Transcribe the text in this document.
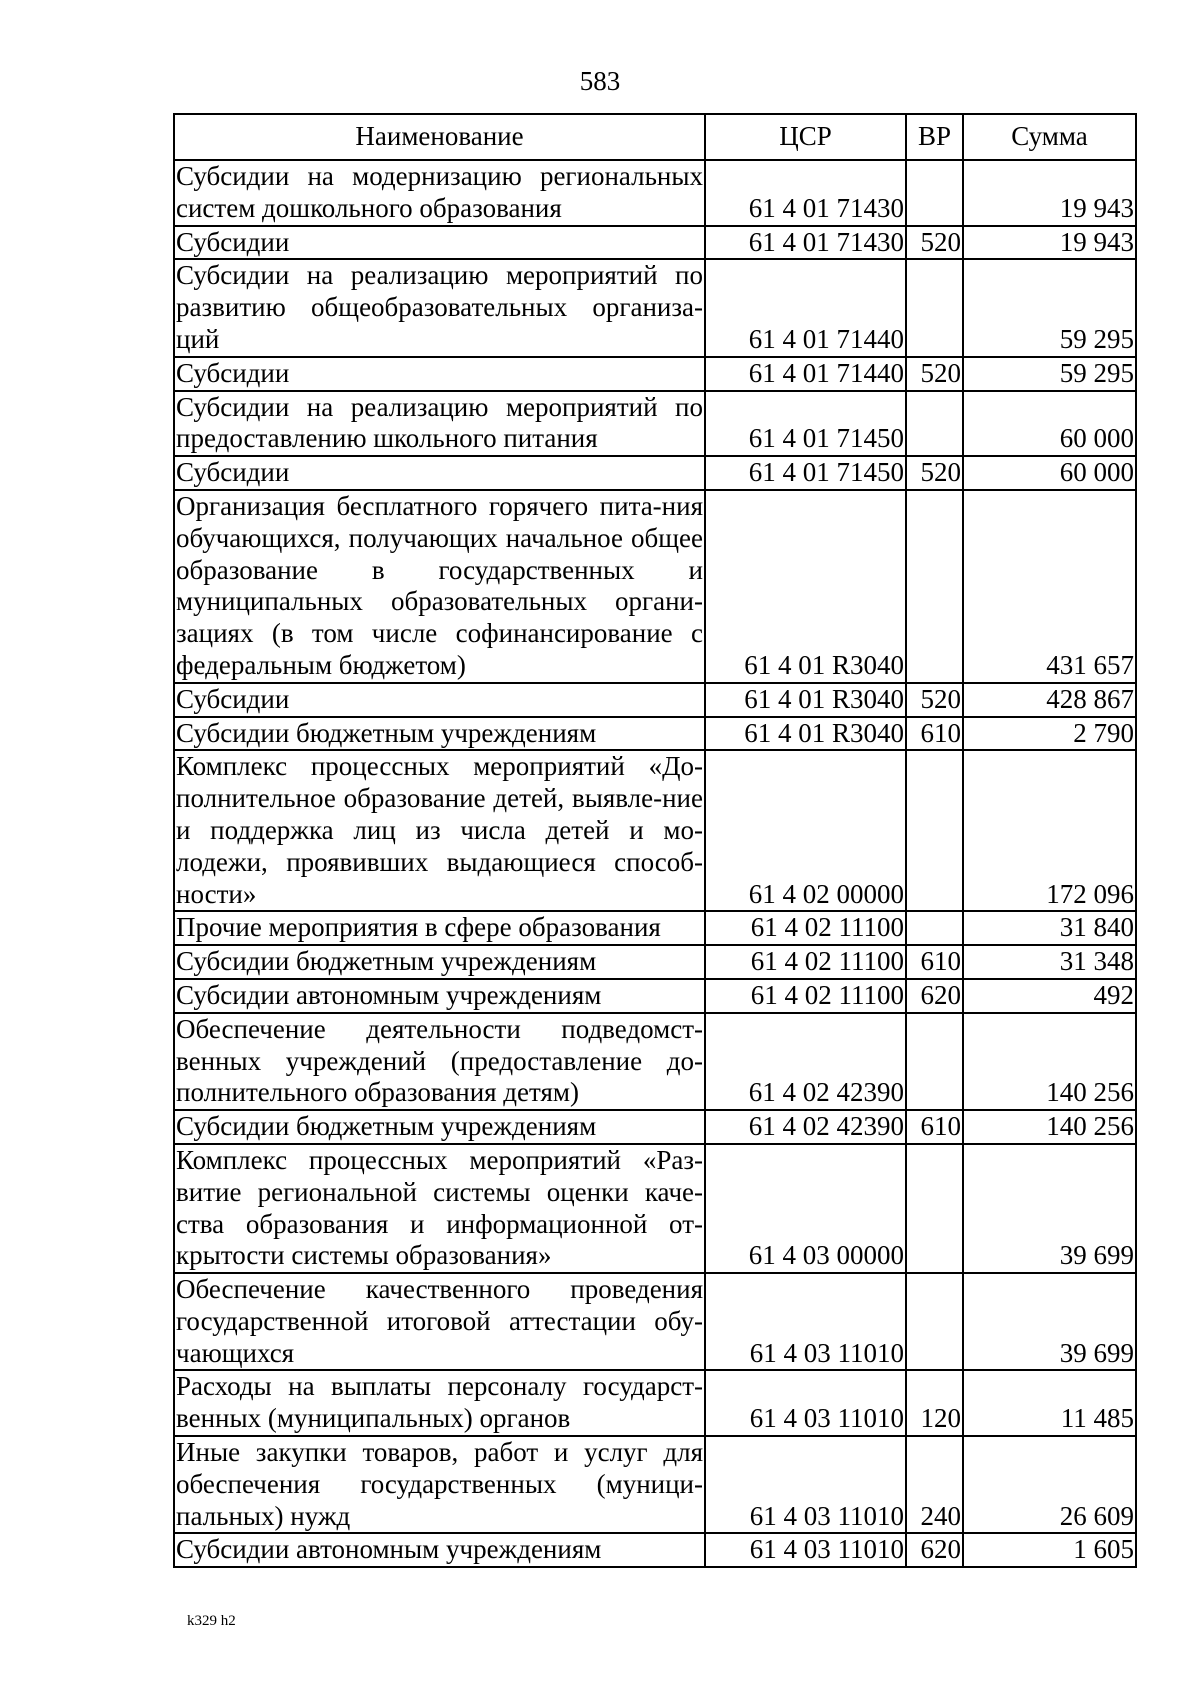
583
Наименование	ЦСР	ВР	Сумма
Субсидии на модернизацию региональных систем дошкольного образования	61 4 01 71430		19 943
Субсидии	61 4 01 71430	520	19 943
Субсидии на реализацию мероприятий по развитию общеобразовательных организа-ций	61 4 01 71440		59 295
Субсидии	61 4 01 71440	520	59 295
Субсидии на реализацию мероприятий по предоставлению школьного питания	61 4 01 71450		60 000
Субсидии	61 4 01 71450	520	60 000
Организация бесплатного горячего пита-ния обучающихся, получающих начальное общее образование в государственных и муниципальных образовательных органи-зациях (в том числе софинансирование с федеральным бюджетом)	61 4 01 R3040		431 657
Субсидии	61 4 01 R3040	520	428 867
Субсидии бюджетным учреждениям	61 4 01 R3040	610	2 790
Комплекс процессных мероприятий «До-полнительное образование детей, выявле-ние и поддержка лиц из числа детей и мо-лодежи, проявивших выдающиеся способ-ности»	61 4 02 00000		172 096
Прочие мероприятия в сфере образования	61 4 02 11100		31 840
Субсидии бюджетным учреждениям	61 4 02 11100	610	31 348
Субсидии автономным учреждениям	61 4 02 11100	620	492
Обеспечение деятельности подведомст-венных учреждений (предоставление до-полнительного образования детям)	61 4 02 42390		140 256
Субсидии бюджетным учреждениям	61 4 02 42390	610	140 256
Комплекс процессных мероприятий «Раз-витие региональной системы оценки каче-ства образования и информационной от-крытости системы образования»	61 4 03 00000		39 699
Обеспечение качественного проведения государственной итоговой аттестации обу-чающихся	61 4 03 11010		39 699
Расходы на выплаты персоналу государст-венных (муниципальных) органов	61 4 03 11010	120	11 485
Иные закупки товаров, работ и услуг для обеспечения государственных (муници-пальных) нужд	61 4 03 11010	240	26 609
Субсидии автономным учреждениям	61 4 03 11010	620	1 605
k329 h2
